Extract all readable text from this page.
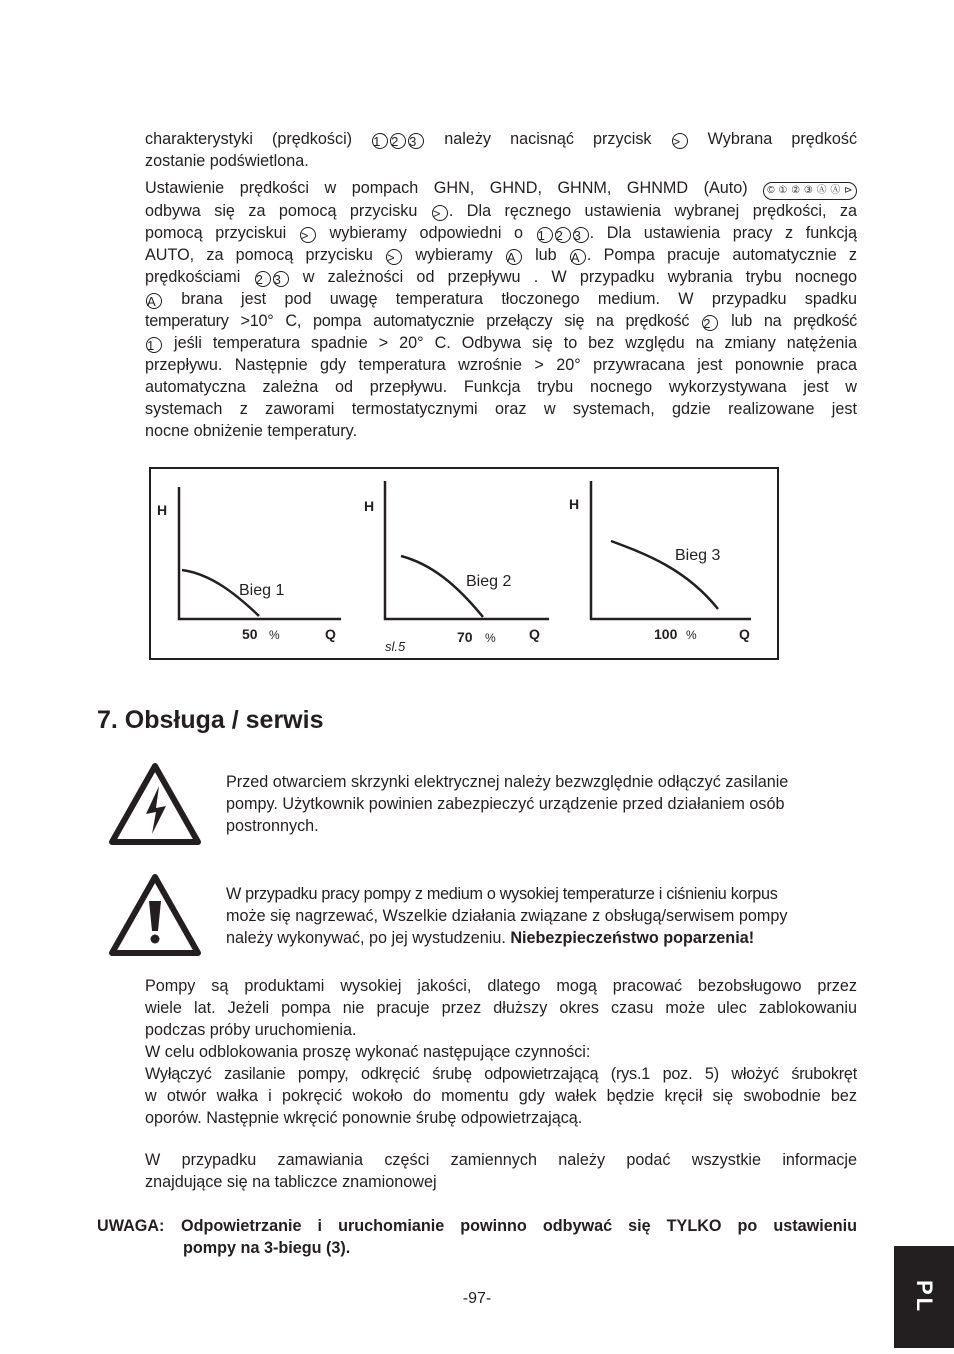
charakterystyki (prędkości) 1 2 3 należy nacisnąć przycisk > Wybrana prędkość
zostanie podświetlona.
Ustawienie prędkości w pompach GHN, GHND, GHNM, GHNMD (Auto) © ① ② ③ Ⓐ Ⓐ ⊳
odbywa się za pomocą przycisku > . Dla ręcznego ustawienia wybranej prędkości, za
pomocą przyciskui > wybieramy odpowiedni o 1 2 3 . Dla ustawienia pracy z funkcją
AUTO, za pomocą przycisku > wybieramy A lub A . Pompa pracuje automatycznie z
prędkościami 2 3 w zależności od przepływu . W przypadku wybrania trybu nocnego
A brana jest pod uwagę temperatura tłoczonego medium. W przypadku spadku
temperatury >10° C, pompa automatycznie przełączy się na prędkość 2 lub na prędkość
1 jeśli temperatura spadnie > 20° C. Odbywa się to bez względu na zmiany natężenia
przepływu. Następnie gdy temperatura wzrośnie > 20° przywracana jest ponownie praca
automatyczna zależna od przepływu. Funkcja trybu nocnego wykorzystywana jest w
systemach z zaworami termostatycznymi oraz w systemach, gdzie realizowane jest
nocne obniżenie temperatury.
H
Q
Bieg 1
50 %
H
Q
Bieg 2
70 %
sl.5
H
Q
Bieg 3
100 %
7. Obsługa / serwis
Przed otwarciem skrzynki elektrycznej należy bezwzględnie odłączyć zasilanie
pompy. Użytkownik powinien zabezpieczyć urządzenie przed działaniem osób
postronnych.
W przypadku pracy pompy z medium o wysokiej temperaturze i ciśnieniu korpus
może się nagrzewać, Wszelkie działania związane z obsługą/serwisem pompy
należy wykonywać, po jej wystudzeniu. Niebezpieczeństwo poparzenia!
Pompy są produktami wysokiej jakości, dlatego mogą pracować bezobsługowo przez
wiele lat. Jeżeli pompa nie pracuje przez dłuższy okres czasu może ulec zablokowaniu
podczas próby uruchomienia.
W celu odblokowania proszę wykonać następujące czynności:
Wyłączyć zasilanie pompy, odkręcić śrubę odpowietrzającą (rys.1 poz. 5) włożyć śrubokręt
w otwór wałka i pokręcić wokoło do momentu gdy wałek będzie kręcił się swobodnie bez
oporów. Następnie wkręcić ponownie śrubę odpowietrzającą.
W przypadku zamawiania części zamiennych należy podać wszystkie informacje
znajdujące się na tabliczce znamionowej
UWAGA:	Odpowietrzanie i uruchomianie powinno odbywać się TYLKO po ustawieniu
pompy na 3-biegu (3).
-97-	PL
